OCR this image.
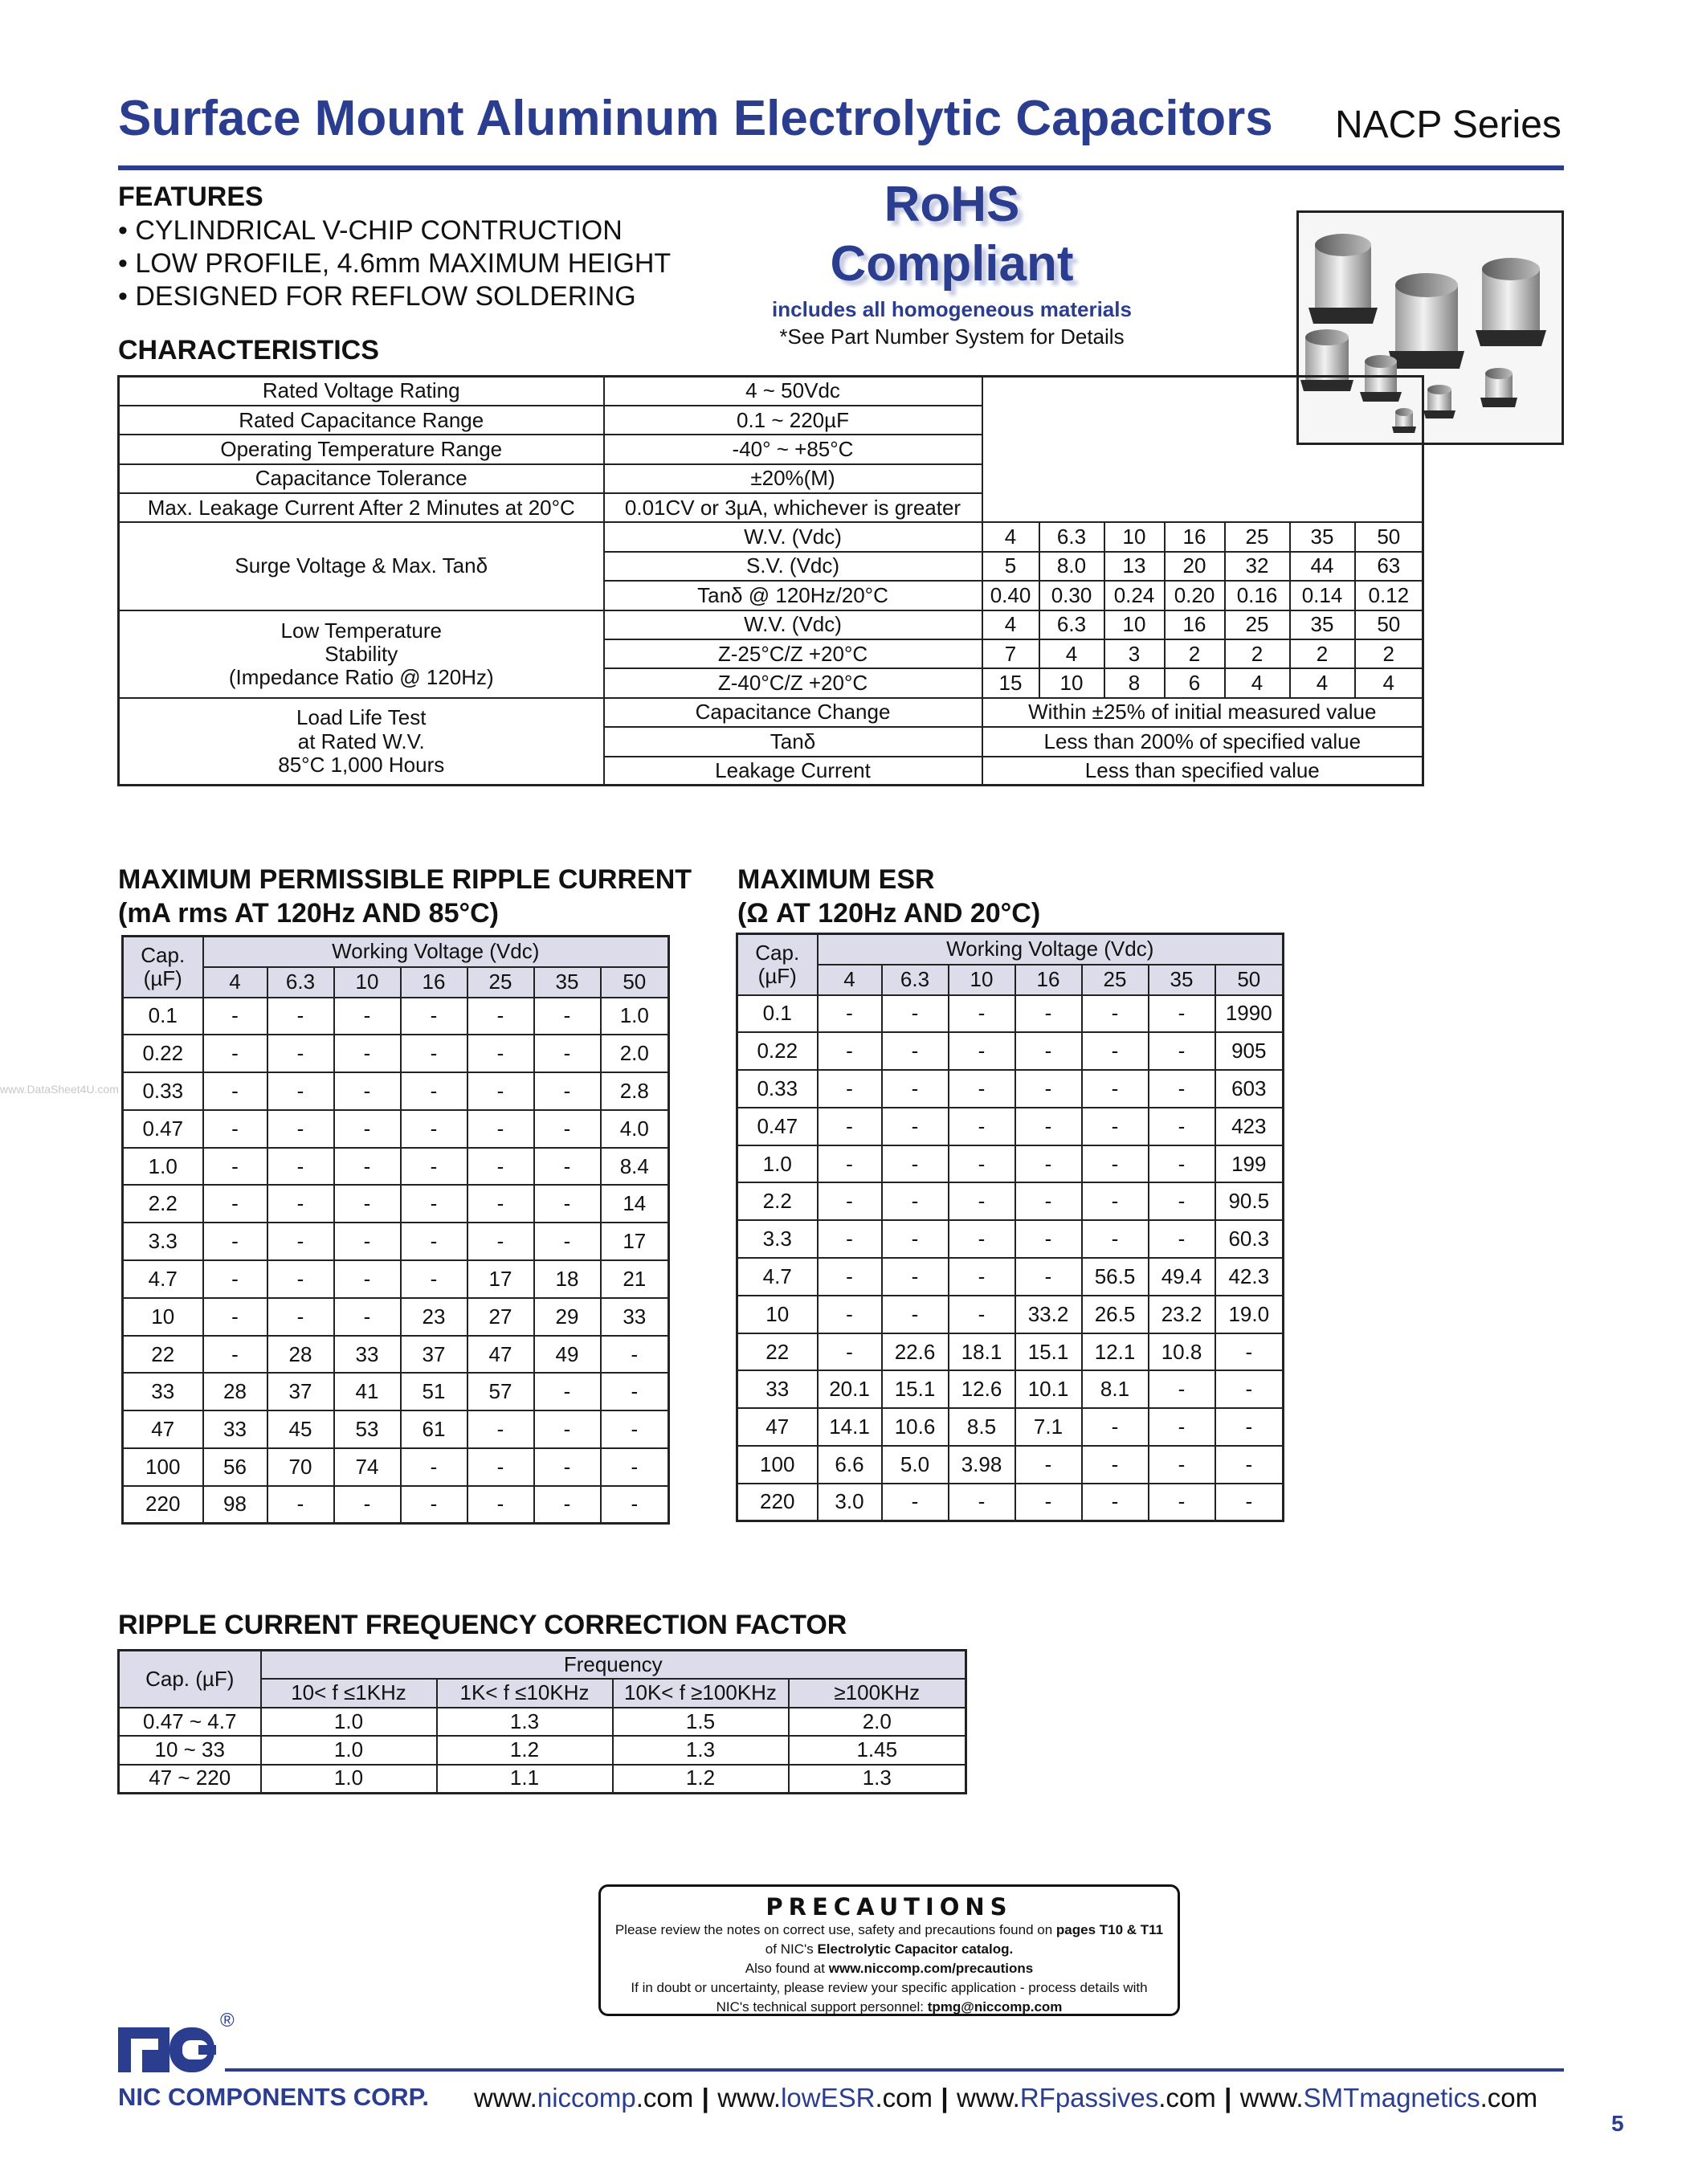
Surface Mount Aluminum Electrolytic Capacitors NACP Series
FEATURES
• CYLINDRICAL V-CHIP CONTRUCTION
• LOW PROFILE, 4.6mm MAXIMUM HEIGHT
• DESIGNED FOR REFLOW SOLDERING
RoHS
Compliant
includes all homogeneous materials
*See Part Number System for Details
CHARACTERISTICS
Rated Voltage Rating	4 ~ 50Vdc							
Rated Capacitance Range	0.1 ~ 220µF							
Operating Temperature Range	-40° ~ +85°C							
Capacitance Tolerance	±20%(M)							
Max. Leakage Current After 2 Minutes at 20°C	0.01CV or 3µA, whichever is greater							
Surge Voltage & Max. Tanδ	W.V. (Vdc)	4	6.3	10	16	25	35	50
	S.V. (Vdc)	5	8.0	13	20	32	44	63
	Tanδ @ 120Hz/20°C	0.40	0.30	0.24	0.20	0.16	0.14	0.12

Low Temperature
Stability
(Impedance Ratio @ 120Hz)	W.V. (Vdc)	4	6.3	10	16	25	35	50
	Z-25°C/Z +20°C	7	4	3	2	2	2	2
	Z-40°C/Z +20°C	15	10	8	6	4	4	4

Load Life Test
at Rated W.V.
85°C 1,000 Hours	Capacitance Change	Within ±25% of initial measured value						
	Tanδ	Less than 200% of specified value						
	Leakage Current	Less than specified value						
www.DataSheet4U.com
MAXIMUM PERMISSIBLE RIPPLE CURRENT
(mA rms AT 120Hz AND 85°C)
MAXIMUM ESR
(Ω AT 120Hz AND 20°C)
Cap.
(µF)	Working Voltage (Vdc)						
	4	6.3	10	16	25	35	50
0.1	-	-	-	-	-	-	1.0
0.22	-	-	-	-	-	-	2.0
0.33	-	-	-	-	-	-	2.8
0.47	-	-	-	-	-	-	4.0
1.0	-	-	-	-	-	-	8.4
2.2	-	-	-	-	-	-	14
3.3	-	-	-	-	-	-	17
4.7	-	-	-	-	17	18	21
10	-	-	-	23	27	29	33
22	-	28	33	37	47	49	-
33	28	37	41	51	57	-	-
47	33	45	53	61	-	-	-
100	56	70	74	-	-	-	-
220	98	-	-	-	-	-	-
Cap.
(µF)	Working Voltage (Vdc)						
	4	6.3	10	16	25	35	50
0.1	-	-	-	-	-	-	1990
0.22	-	-	-	-	-	-	905
0.33	-	-	-	-	-	-	603
0.47	-	-	-	-	-	-	423
1.0	-	-	-	-	-	-	199
2.2	-	-	-	-	-	-	90.5
3.3	-	-	-	-	-	-	60.3
4.7	-	-	-	-	56.5	49.4	42.3
10	-	-	-	33.2	26.5	23.2	19.0
22	-	22.6	18.1	15.1	12.1	10.8	-
33	20.1	15.1	12.6	10.1	8.1	-	-
47	14.1	10.6	8.5	7.1	-	-	-
100	6.6	5.0	3.98	-	-	-	-
220	3.0	-	-	-	-	-	-
RIPPLE CURRENT FREQUENCY CORRECTION FACTOR
Cap. (µF)	Frequency			
	10< f ≤1KHz	1K< f ≤10KHz	10K< f ≥100KHz	≥100KHz
0.47 ~ 4.7	1.0	1.3	1.5	2.0
10 ~ 33	1.0	1.2	1.3	1.45
47 ~ 220	1.0	1.1	1.2	1.3
PRECAUTIONS
Please review the notes on correct use, safety and precautions found on pages T10 & T11
of NIC's Electrolytic Capacitor catalog.
Also found at www.niccomp.com/precautions
If in doubt or uncertainty, please review your specific application - process details with
NIC's technical support personnel: tpmg@niccomp.com
®
NIC COMPONENTS CORP. www.niccomp.com | www.lowESR.com | www.RFpassives.com | www.SMTmagnetics.com
5
